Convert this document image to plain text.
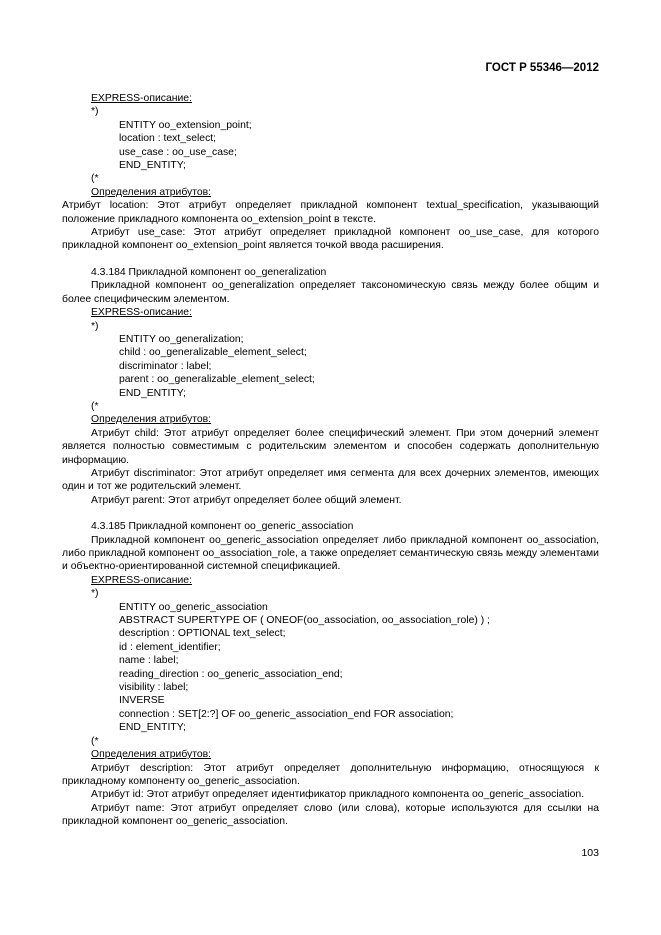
ГОСТ Р 55346—2012

EXPRESS-описание:

*)

ENTITY oo_extension_point;

location : text_select;

use_case : oo_use_case;

END_ENTITY;

(*

Определения атрибутов:

Атрибут location: Этот атрибут определяет прикладной компонент textual_specification, указывающий положение прикладного компонента oo_extension_point в тексте.

Атрибут use_case: Этот атрибут определяет прикладной компонент oo_use_case, для которого прикладной компонент oo_extension_point является точкой ввода расширения.

4.3.184 Прикладной компонент oo_generalization

Прикладной компонент oo_generalization определяет таксономическую связь между более общим и более специфическим элементом.

EXPRESS-описание:

*)

ENTITY oo_generalization;

child : oo_generalizable_element_select;

discriminator : label;

parent : oo_generalizable_element_select;

END_ENTITY;

(*

Определения атрибутов:

Атрибут child: Этот атрибут определяет более специфический элемент. При этом дочерний элемент является полностью совместимым с родительским элементом и способен содержать дополнительную информацию.

Атрибут discriminator: Этот атрибут определяет имя сегмента для всех дочерних элементов, имеющих один и тот же родительский элемент.

Атрибут parent: Этот атрибут определяет более общий элемент.

4.3.185 Прикладной компонент oo_generic_association

Прикладной компонент oo_generic_association определяет либо прикладной компонент oo_association, либо прикладной компонент oo_association_role, а также определяет семантическую связь между элементами и объектно-ориентированной системной спецификацией.

EXPRESS-описание:

*)

ENTITY oo_generic_association

ABSTRACT SUPERTYPE OF ( ONEOF(oo_association, oo_association_role) ) ;

description : OPTIONAL text_select;

id : element_identifier;

name : label;

reading_direction : oo_generic_association_end;

visibility : label;

INVERSE

connection : SET[2:?] OF oo_generic_association_end FOR association;

END_ENTITY;

(*

Определения атрибутов:

Атрибут description: Этот атрибут определяет дополнительную информацию, относящуюся к прикладному компоненту oo_generic_association.

Атрибут id: Этот атрибут определяет идентификатор прикладного компонента oo_generic_association.

Атрибут name: Этот атрибут определяет слово (или слова), которые используются для ссылки на прикладной компонент oo_generic_association.

103
